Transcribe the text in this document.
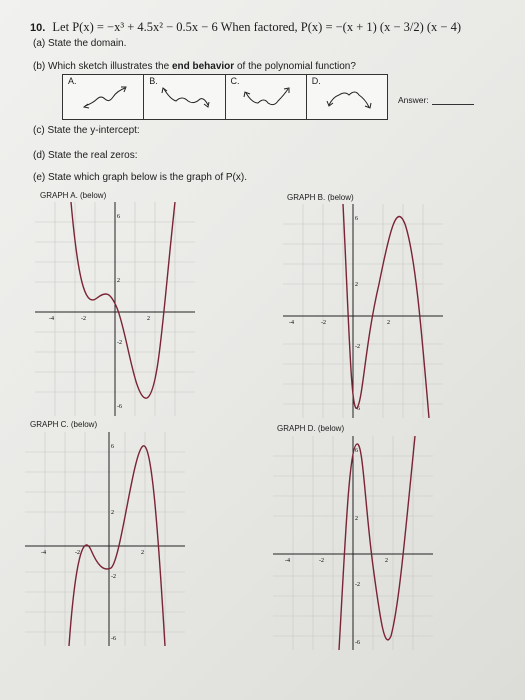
10. Let P(x) = −x³ + 4.5x² − 0.5x − 6 When factored, P(x) = −(x + 1) (x − 3/2) (x − 4)
(a) State the domain.
(b) Which sketch illustrates the end behavior of the polynomial function?
A.	B.	C.	D.
Answer:
(c) State the y-intercept:
(d) State the real zeros:
(e) State which graph below is the graph of P(x).
GRAPH A. (below)	GRAPH B. (below)
GRAPH C. (below)	GRAPH D. (below)
6
2
-2
-6
-4	-2	2
6
2
-2
-6
-4	-2	2
6
2
-2
-6
-4	-2	2
6
2
-2
-6
-4	-2	2
